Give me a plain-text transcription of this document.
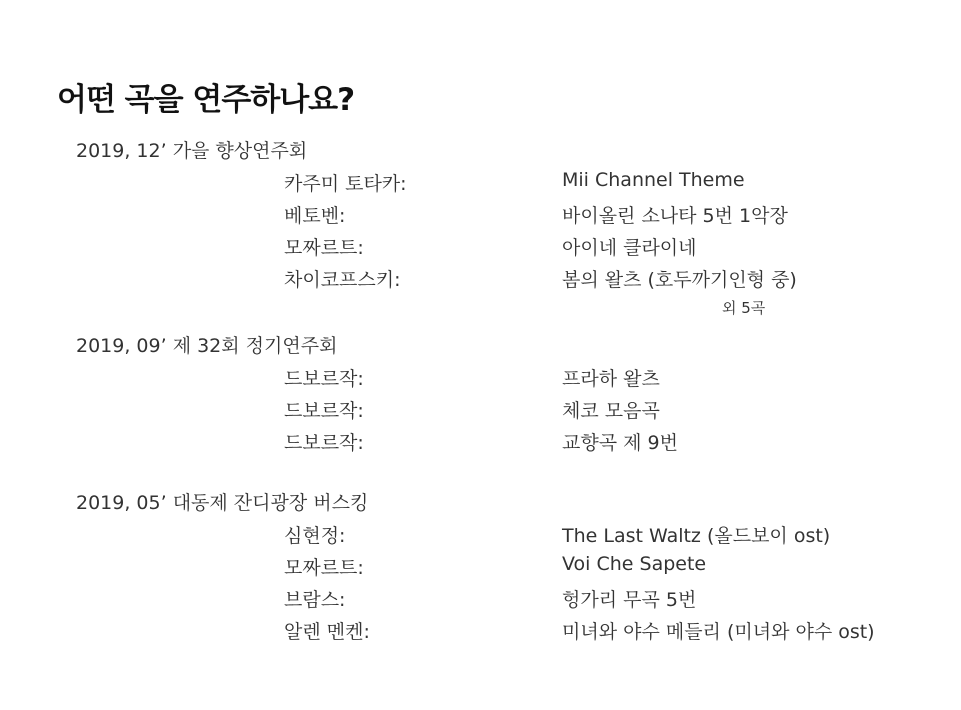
어떤 곡을 연주하나요?
2019, 12’ 가을 향상연주회
카주미 토타카:	Mii Channel Theme
베토벤:	바이올린 소나타 5번 1악장
모짜르트:	아이네 클라이네
차이코프스키:	봄의 왈츠 (호두까기인형 중)
외 5곡
2019, 09’ 제 32회 정기연주회
드보르작:	프라하 왈츠
드보르작:	체코 모음곡
드보르작:	교향곡 제 9번
2019, 05’ 대동제 잔디광장 버스킹
심현정:	The Last Waltz (올드보이 ost)
모짜르트:	Voi Che Sapete
브람스:	헝가리 무곡 5번
알렌 멘켄:	미녀와 야수 메들리 (미녀와 야수 ost)
